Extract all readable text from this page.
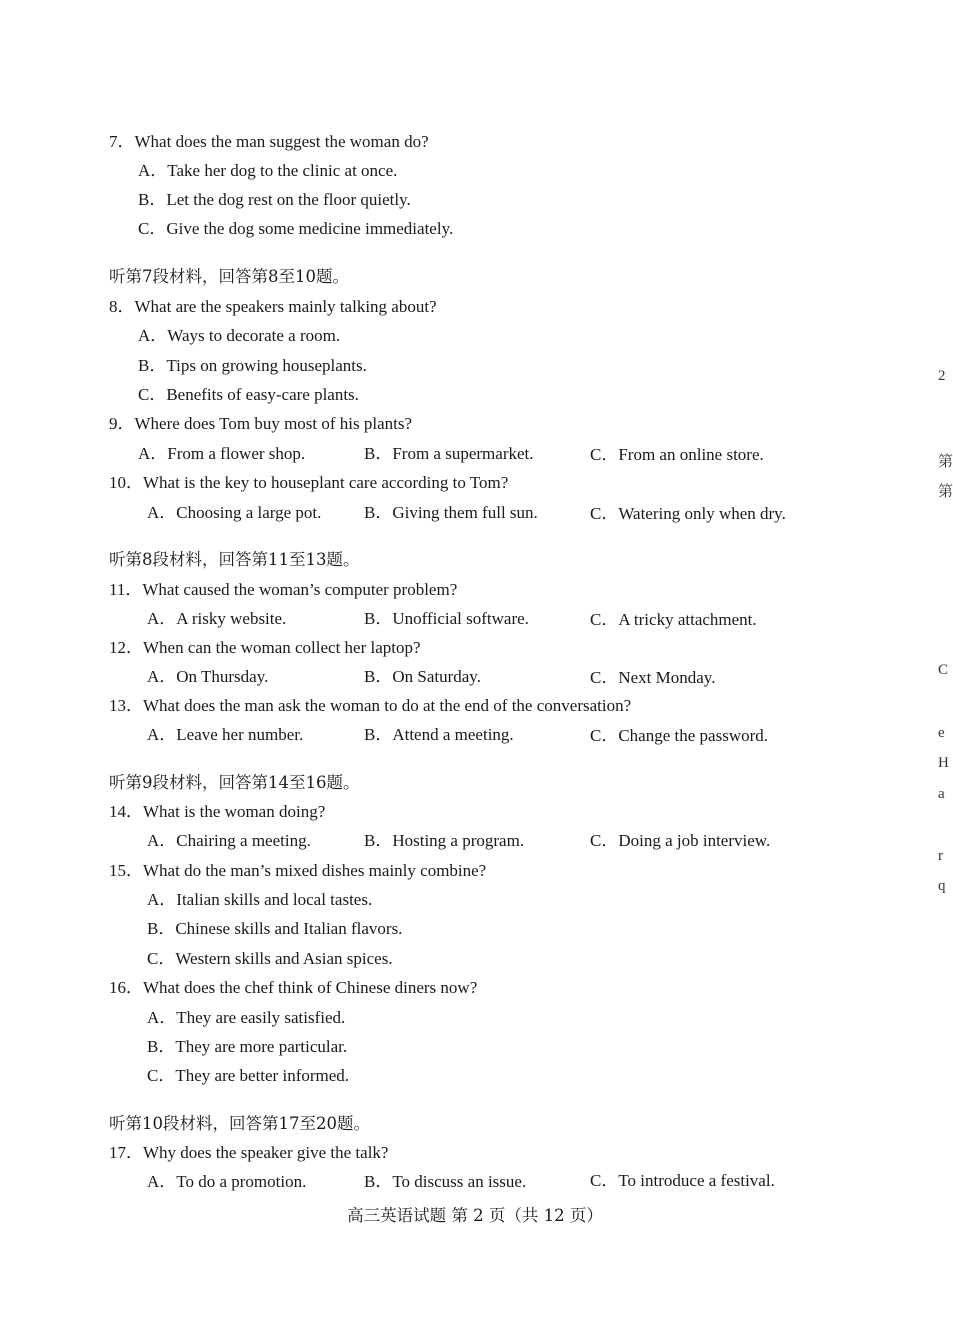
7．What does the man suggest the woman do?
A．Take her dog to the clinic at once.
B．Let the dog rest on the floor quietly.
C．Give the dog some medicine immediately.
听第7段材料，回答第8至10题。
8．What are the speakers mainly talking about?
A．Ways to decorate a room.
B．Tips on growing houseplants.
C．Benefits of easy-care plants.
9．Where does Tom buy most of his plants?
A．From a flower shop.	B．From a supermarket.	C．From an online store.
10．What is the key to houseplant care according to Tom?
A．Choosing a large pot.	B．Giving them full sun.	C．Watering only when dry.
听第8段材料，回答第11至13题。
11．What caused the woman’s computer problem?
A．A risky website.	B．Unofficial software.	C．A tricky attachment.
12．When can the woman collect her laptop?
A．On Thursday.	B．On Saturday.	C．Next Monday.
13．What does the man ask the woman to do at the end of the conversation?
A．Leave her number.	B．Attend a meeting.	C．Change the password.
听第9段材料，回答第14至16题。
14．What is the woman doing?
A．Chairing a meeting.	B．Hosting a program.	C．Doing a job interview.
15．What do the man’s mixed dishes mainly combine?
A．Italian skills and local tastes.
B．Chinese skills and Italian flavors.
C．Western skills and Asian spices.
16．What does the chef think of Chinese diners now?
A．They are easily satisfied.
B．They are more particular.
C．They are better informed.
听第10段材料，回答第17至20题。
17．Why does the speaker give the talk?
A．To do a promotion.	B．To discuss an issue.	C．To introduce a festival.
高三英语试题 第 2 页（共 12 页）
2
第
第
C
e
H
a
r
q
